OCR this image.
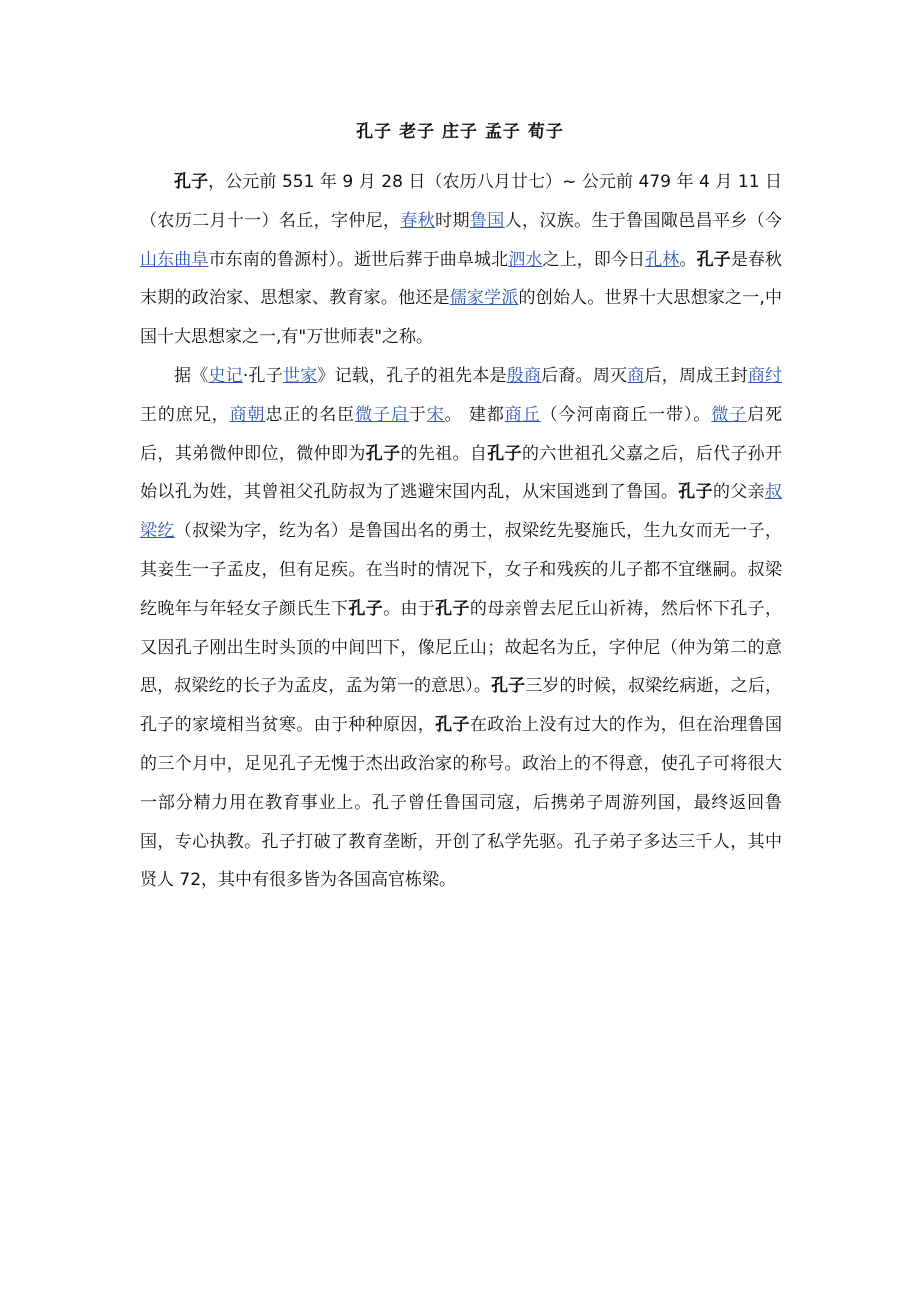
孔子 老子 庄子 孟子 荀子

孔子，公元前 551 年 9 月 28 日（农历八月廿七）~ 公元前 479 年 4 月 11 日（农历二月十一）名丘，字仲尼，春秋时期鲁国人，汉族。生于鲁国陬邑昌平乡（今山东曲阜市东南的鲁源村）。逝世后葬于曲阜城北泗水之上，即今日孔林。孔子是春秋末期的政治家、思想家、教育家。他还是儒家学派的创始人。世界十大思想家之一,中国十大思想家之一,有"万世师表"之称。

据《史记·孔子世家》记载，孔子的祖先本是殷商后裔。周灭商后，周成王封商纣王的庶兄，商朝忠正的名臣微子启于宋。 建都商丘（今河南商丘一带）。微子启死后，其弟微仲即位，微仲即为孔子的先祖。自孔子的六世祖孔父嘉之后，后代子孙开始以孔为姓，其曾祖父孔防叔为了逃避宋国内乱，从宋国逃到了鲁国。孔子的父亲叔梁纥（叔梁为字，纥为名）是鲁国出名的勇士，叔梁纥先娶施氏，生九女而无一子，其妾生一子孟皮，但有足疾。在当时的情况下，女子和残疾的儿子都不宜继嗣。叔梁纥晚年与年轻女子颜氏生下孔子。由于孔子的母亲曾去尼丘山祈祷，然后怀下孔子，又因孔子刚出生时头顶的中间凹下，像尼丘山；故起名为丘，字仲尼（仲为第二的意思，叔梁纥的长子为孟皮，孟为第一的意思）。孔子三岁的时候，叔梁纥病逝，之后，孔子的家境相当贫寒。由于种种原因，孔子在政治上没有过大的作为，但在治理鲁国的三个月中，足见孔子无愧于杰出政治家的称号。政治上的不得意，使孔子可将很大一部分精力用在教育事业上。孔子曾任鲁国司寇，后携弟子周游列国，最终返回鲁国，专心执教。孔子打破了教育垄断，开创了私学先驱。孔子弟子多达三千人，其中贤人 72，其中有很多皆为各国高官栋梁。
